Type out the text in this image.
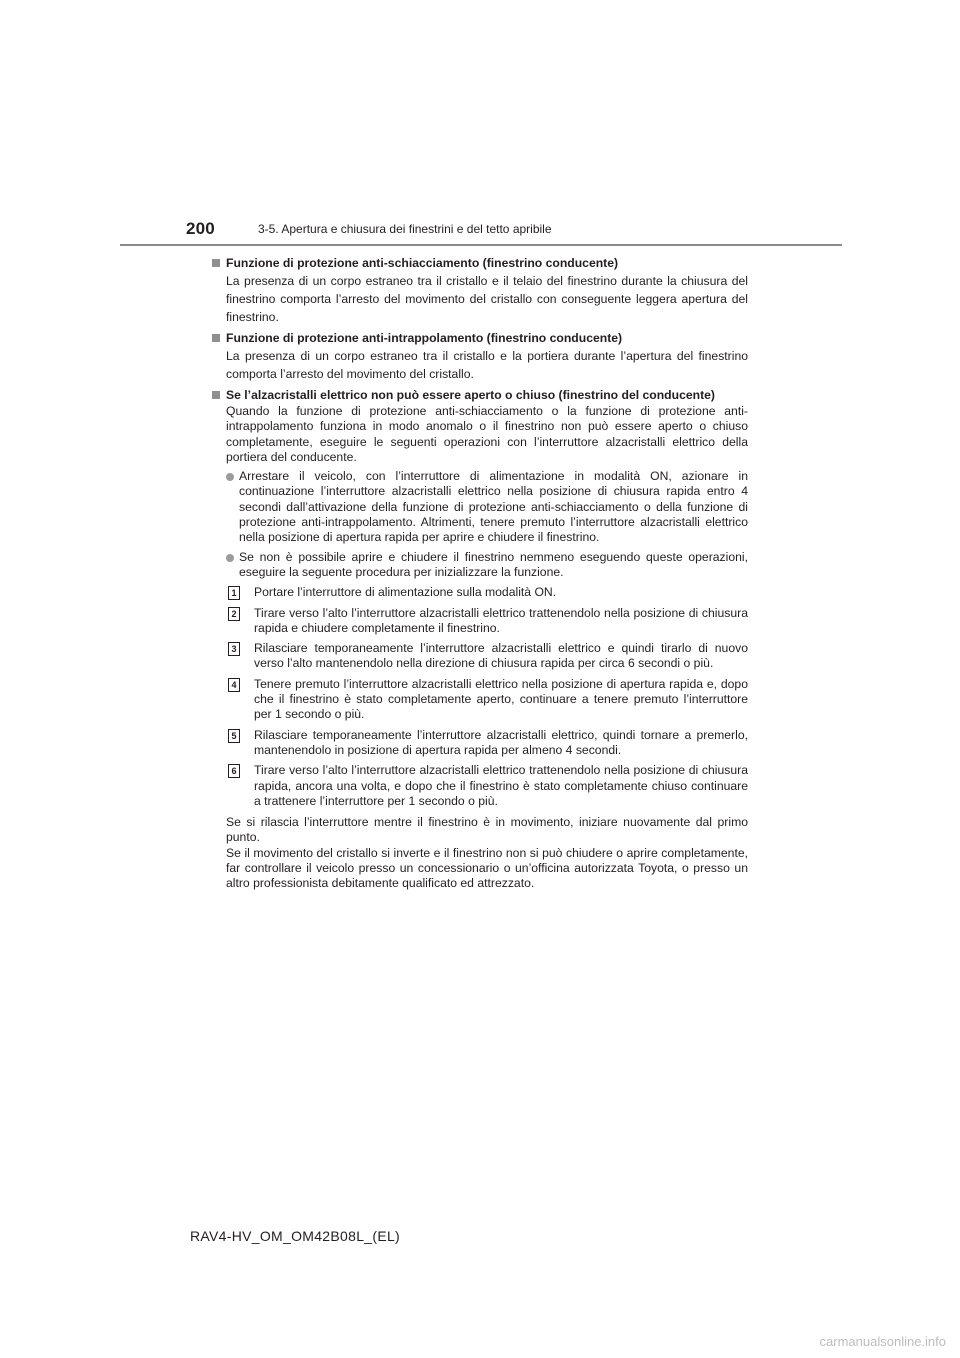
200	3-5. Apertura e chiusura dei finestrini e del tetto apribile
Funzione di protezione anti-schiacciamento (finestrino conducente)
La presenza di un corpo estraneo tra il cristallo e il telaio del finestrino durante la chiusura del finestrino comporta l’arresto del movimento del cristallo con conseguente leggera apertura del finestrino.
Funzione di protezione anti-intrappolamento (finestrino conducente)
La presenza di un corpo estraneo tra il cristallo e la portiera durante l’apertura del finestrino comporta l’arresto del movimento del cristallo.
Se l’alzacristalli elettrico non può essere aperto o chiuso (finestrino del conducente)
Quando la funzione di protezione anti-schiacciamento o la funzione di protezione anti-intrappolamento funziona in modo anomalo o il finestrino non può essere aperto o chiuso completamente, eseguire le seguenti operazioni con l’interruttore alzacristalli elettrico della portiera del conducente.
Arrestare il veicolo, con l’interruttore di alimentazione in modalità ON, azionare in continuazione l’interruttore alzacristalli elettrico nella posizione di chiusura rapida entro 4 secondi dall’attivazione della funzione di protezione anti-schiacciamento o della funzione di protezione anti-intrappolamento. Altrimenti, tenere premuto l’interruttore alzacristalli elettrico nella posizione di apertura rapida per aprire e chiudere il finestrino.
Se non è possibile aprire e chiudere il finestrino nemmeno eseguendo queste operazioni, eseguire la seguente procedura per inizializzare la funzione.
1 Portare l’interruttore di alimentazione sulla modalità ON.
2 Tirare verso l’alto l’interruttore alzacristalli elettrico trattenendolo nella posizione di chiusura rapida e chiudere completamente il finestrino.
3 Rilasciare temporaneamente l’interruttore alzacristalli elettrico e quindi tirarlo di nuovo verso l’alto mantenendolo nella direzione di chiusura rapida per circa 6 secondi o più.
4 Tenere premuto l’interruttore alzacristalli elettrico nella posizione di apertura rapida e, dopo che il finestrino è stato completamente aperto, continuare a tenere premuto l’interruttore per 1 secondo o più.
5 Rilasciare temporaneamente l’interruttore alzacristalli elettrico, quindi tornare a premerlo, mantenendolo in posizione di apertura rapida per almeno 4 secondi.
6 Tirare verso l’alto l’interruttore alzacristalli elettrico trattenendolo nella posizione di chiusura rapida, ancora una volta, e dopo che il finestrino è stato completamente chiuso continuare a trattenere l’interruttore per 1 secondo o più.
Se si rilascia l’interruttore mentre il finestrino è in movimento, iniziare nuovamente dal primo punto.
Se il movimento del cristallo si inverte e il finestrino non si può chiudere o aprire completamente, far controllare il veicolo presso un concessionario o un’officina autorizzata Toyota, o presso un altro professionista debitamente qualificato ed attrezzato.
RAV4-HV_OM_OM42B08L_(EL)
carmanualsonline.info
